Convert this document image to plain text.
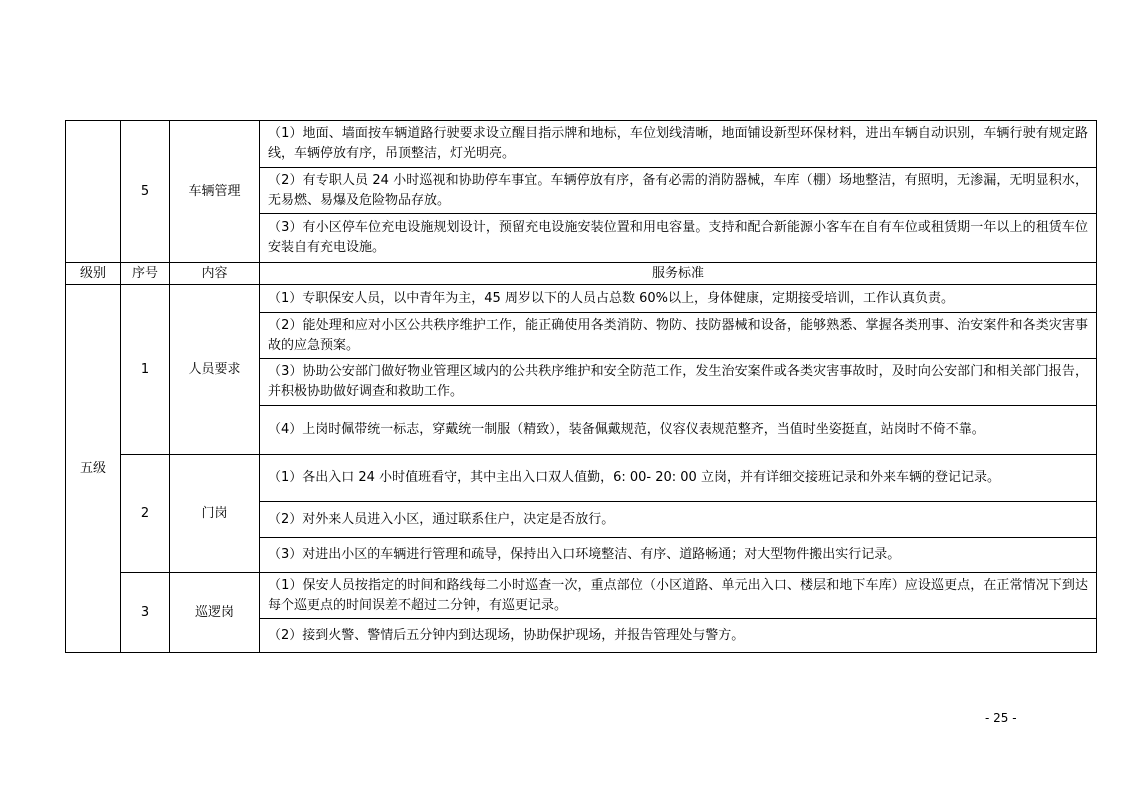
	5	车辆管理	（1）地面、墙面按车辆道路行驶要求设立醒目指示牌和地标，车位划线清晰，地面铺设新型环保材料，进出车辆自动识别，车辆行驶有规定路线，车辆停放有序，吊顶整洁，灯光明亮。
			（2）有专职人员 24 小时巡视和协助停车事宜。车辆停放有序，备有必需的消防器械，车库（棚）场地整洁，有照明，无渗漏，无明显积水，无易燃、易爆及危险物品存放。
			（3）有小区停车位充电设施规划设计，预留充电设施安装位置和用电容量。支持和配合新能源小客车在自有车位或租赁期一年以上的租赁车位安装自有充电设施。
级别	序号	内容	服务标准
五级	1	人员要求	（1）专职保安人员，以中青年为主，45 周岁以下的人员占总数 60%以上，身体健康，定期接受培训，工作认真负责。
			（2）能处理和应对小区公共秩序维护工作，能正确使用各类消防、物防、技防器械和设备，能够熟悉、掌握各类刑事、治安案件和各类灾害事故的应急预案。
			（3）协助公安部门做好物业管理区域内的公共秩序维护和安全防范工作，发生治安案件或各类灾害事故时，及时向公安部门和相关部门报告，并积极协助做好调查和救助工作。
			（4）上岗时佩带统一标志，穿戴统一制服（精致），装备佩戴规范，仪容仪表规范整齐，当值时坐姿挺直，站岗时不倚不靠。
	2	门岗	（1）各出入口 24 小时值班看守，其中主出入口双人值勤，6: 00- 20: 00 立岗，并有详细交接班记录和外来车辆的登记记录。
			（2）对外来人员进入小区，通过联系住户，决定是否放行。
			（3）对进出小区的车辆进行管理和疏导，保持出入口环境整洁、有序、道路畅通；对大型物件搬出实行记录。
	3	巡逻岗	（1）保安人员按指定的时间和路线每二小时巡查一次，重点部位（小区道路、单元出入口、楼层和地下车库）应设巡更点，在正常情况下到达每个巡更点的时间误差不超过二分钟，有巡更记录。
			（2）接到火警、警情后五分钟内到达现场，协助保护现场，并报告管理处与警方。
- 25 -
